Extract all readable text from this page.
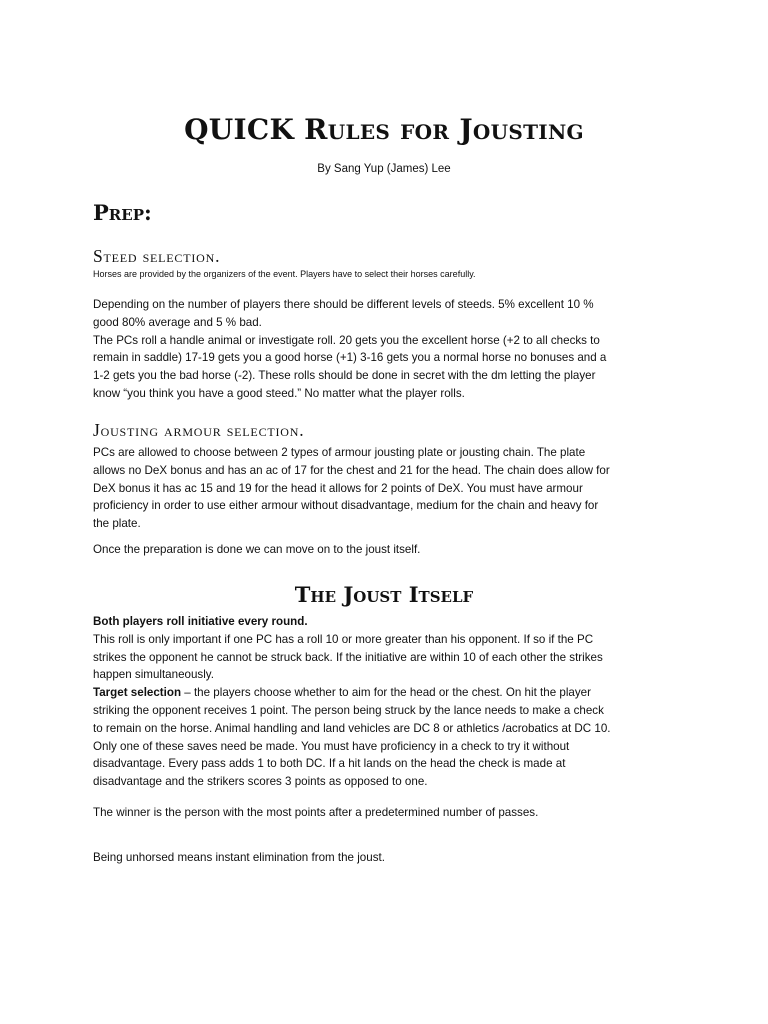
QUICK Rules for Jousting

By Sang Yup (James) Lee

Prep:
Steed selection.

Horses are provided by the organizers of the event. Players have to select their horses carefully.

Depending on the number of players there should be different levels of steeds. 5% excellent 10 %
good 80% average and 5 % bad.
The PCs roll a handle animal or investigate roll. 20 gets you the excellent horse (+2 to all checks to
remain in saddle) 17-19 gets you a good horse (+1) 3-16 gets you a normal horse no bonuses and a
1-2 gets you the bad horse (-2). These rolls should be done in secret with the dm letting the player
know “you think you have a good steed.” No matter what the player rolls.

Jousting armour selection.

PCs are allowed to choose between 2 types of armour jousting plate or jousting chain. The plate
allows no DeX bonus and has an ac of 17 for the chest and 21 for the head. The chain does allow for
DeX bonus it has ac 15 and 19 for the head it allows for 2 points of DeX. You must have armour
proficiency in order to use either armour without disadvantage, medium for the chain and heavy for
the plate.

Once the preparation is done we can move on to the joust itself.

The Joust Itself

Both players roll initiative every round.
This roll is only important if one PC has a roll 10 or more greater than his opponent. If so if the PC
strikes the opponent he cannot be struck back. If the initiative are within 10 of each other the strikes
happen simultaneously.
Target selection – the players choose whether to aim for the head or the chest. On hit the player
striking the opponent receives 1 point. The person being struck by the lance needs to make a check
to remain on the horse. Animal handling and land vehicles are DC 8 or athletics /acrobatics at DC 10.
Only one of these saves need be made. You must have proficiency in a check to try it without
disadvantage. Every pass adds 1 to both DC. If a hit lands on the head the check is made at
disadvantage and the strikers scores 3 points as opposed to one.

The winner is the person with the most points after a predetermined number of passes.

Being unhorsed means instant elimination from the joust.
